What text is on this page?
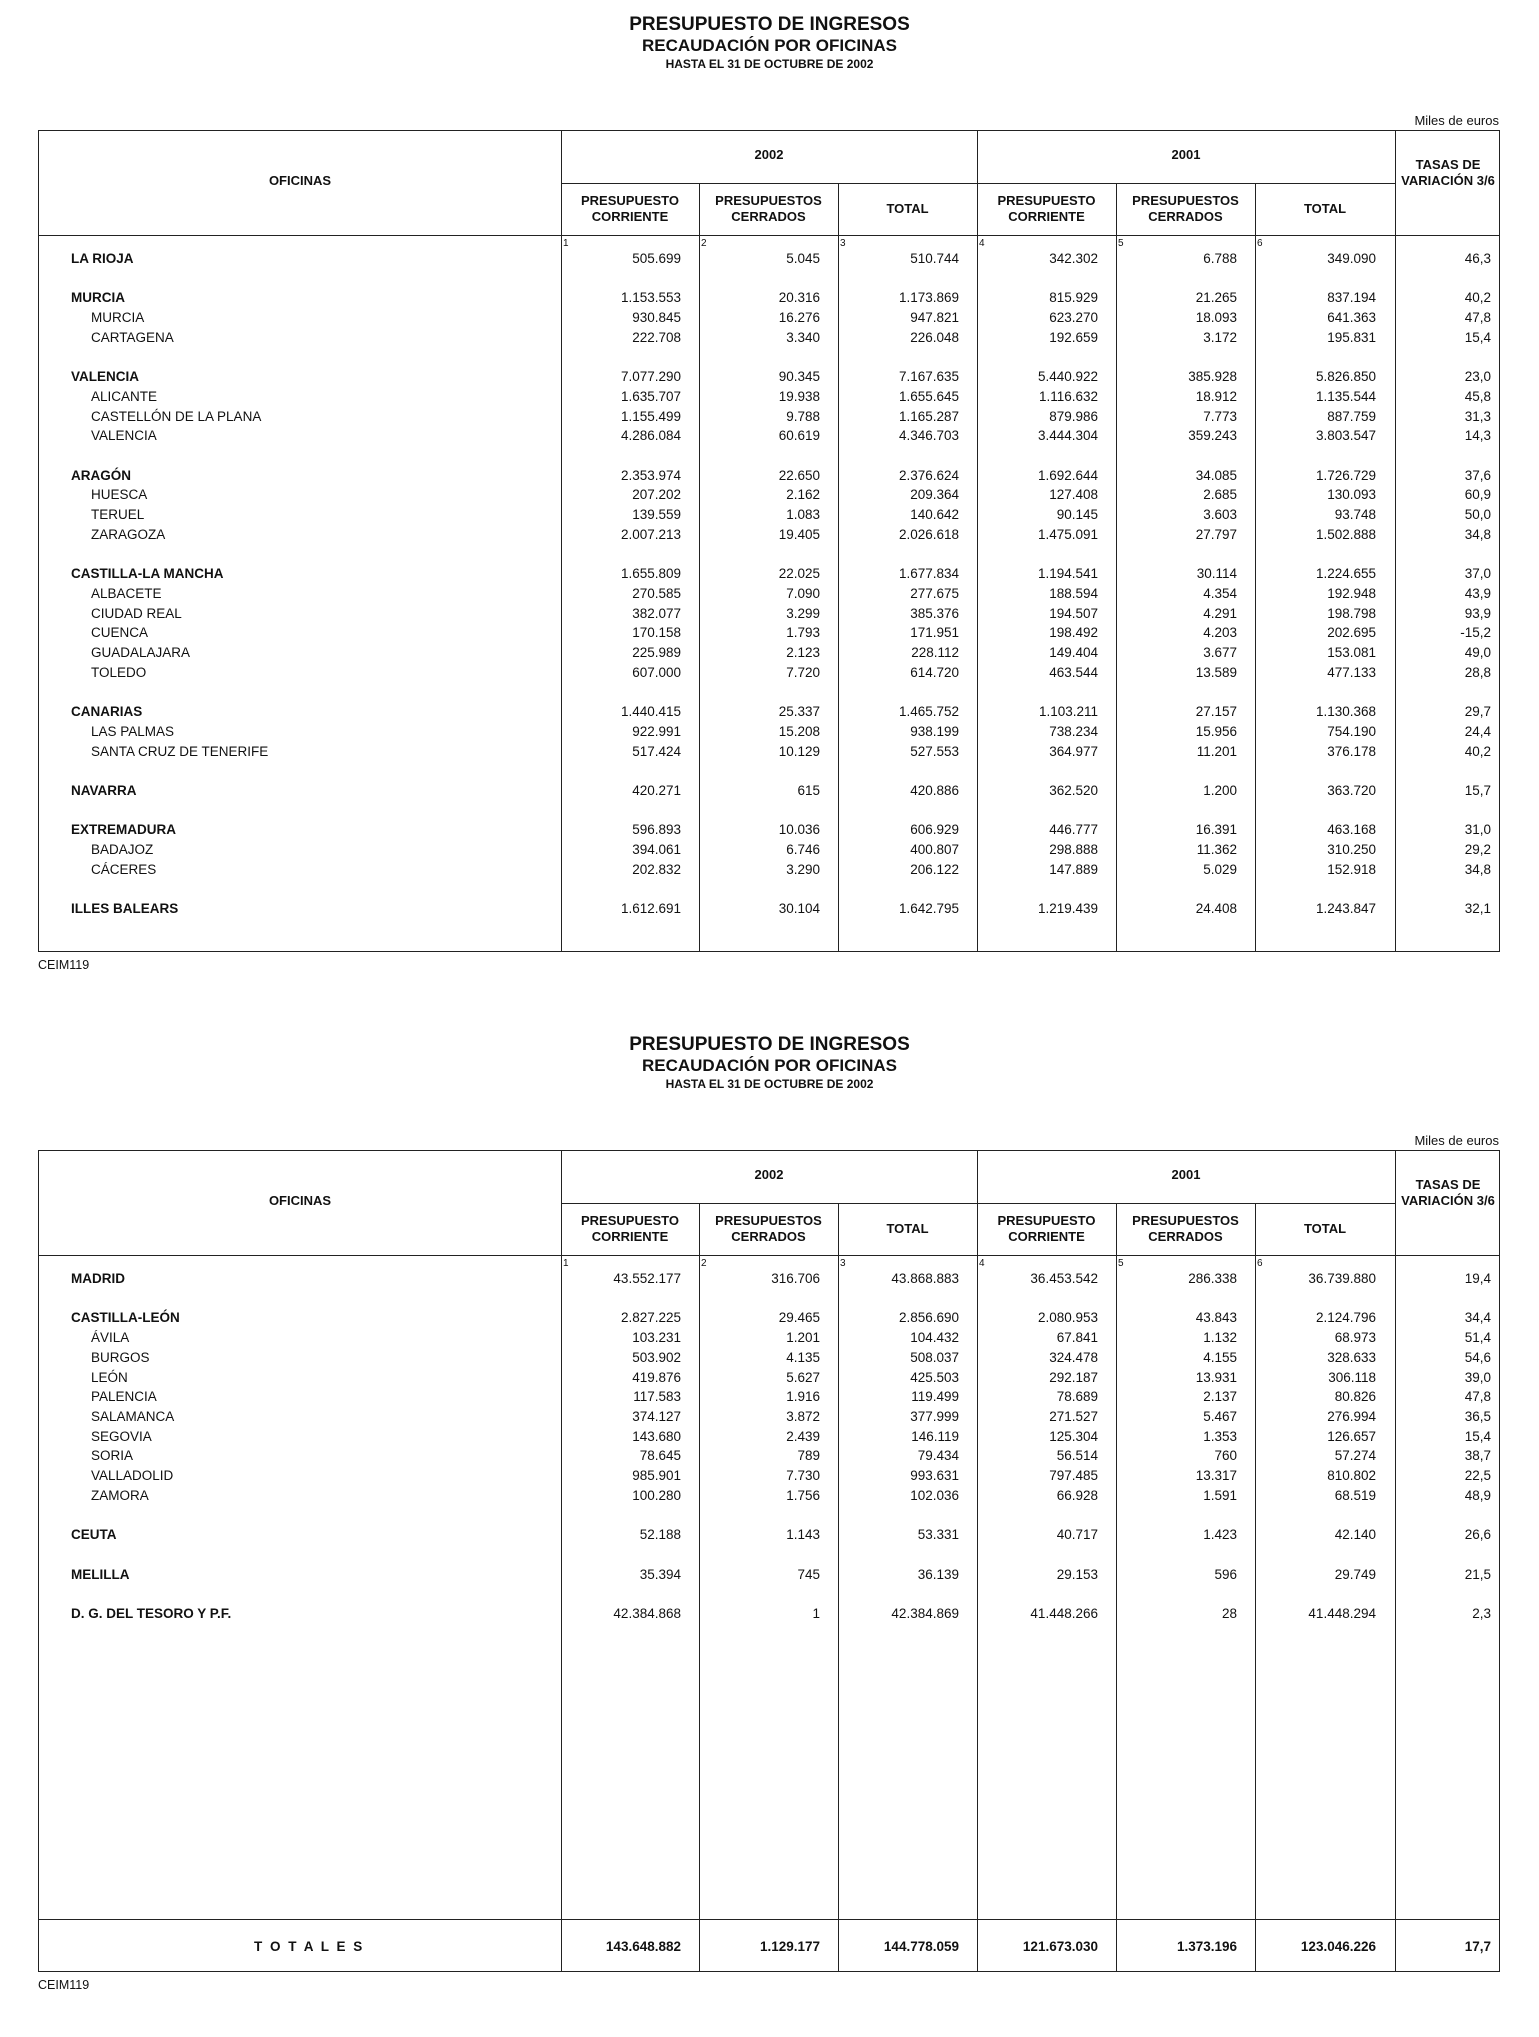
PRESUPUESTO DE INGRESOS
RECAUDACIÓN POR OFICINAS
HASTA EL 31 DE OCTUBRE DE 2002
Miles de euros
OFICINAS
2002	2001
PRESUPUESTO CORRIENTE
PRESUPUESTOS CERRADOS
TOTAL
PRESUPUESTO CORRIENTE
PRESUPUESTOS CERRADOS
TOTAL
TASAS DE VARIACIÓN 3/6
1	2	3	4	5	6
LA RIOJA	505.699	5.045	510.744	342.302	6.788	349.090	46,3
MURCIA	1.153.553	20.316	1.173.869	815.929	21.265	837.194	40,2
MURCIA	930.845	16.276	947.821	623.270	18.093	641.363	47,8
CARTAGENA	222.708	3.340	226.048	192.659	3.172	195.831	15,4
VALENCIA	7.077.290	90.345	7.167.635	5.440.922	385.928	5.826.850	23,0
ALICANTE	1.635.707	19.938	1.655.645	1.116.632	18.912	1.135.544	45,8
CASTELLÓN DE LA PLANA	1.155.499	9.788	1.165.287	879.986	7.773	887.759	31,3
VALENCIA	4.286.084	60.619	4.346.703	3.444.304	359.243	3.803.547	14,3
ARAGÓN	2.353.974	22.650	2.376.624	1.692.644	34.085	1.726.729	37,6
HUESCA	207.202	2.162	209.364	127.408	2.685	130.093	60,9
TERUEL	139.559	1.083	140.642	90.145	3.603	93.748	50,0
ZARAGOZA	2.007.213	19.405	2.026.618	1.475.091	27.797	1.502.888	34,8
CASTILLA-LA MANCHA	1.655.809	22.025	1.677.834	1.194.541	30.114	1.224.655	37,0
ALBACETE	270.585	7.090	277.675	188.594	4.354	192.948	43,9
CIUDAD REAL	382.077	3.299	385.376	194.507	4.291	198.798	93,9
CUENCA	170.158	1.793	171.951	198.492	4.203	202.695	-15,2
GUADALAJARA	225.989	2.123	228.112	149.404	3.677	153.081	49,0
TOLEDO	607.000	7.720	614.720	463.544	13.589	477.133	28,8
CANARIAS	1.440.415	25.337	1.465.752	1.103.211	27.157	1.130.368	29,7
LAS PALMAS	922.991	15.208	938.199	738.234	15.956	754.190	24,4
SANTA CRUZ DE TENERIFE	517.424	10.129	527.553	364.977	11.201	376.178	40,2
NAVARRA	420.271	615	420.886	362.520	1.200	363.720	15,7
EXTREMADURA	596.893	10.036	606.929	446.777	16.391	463.168	31,0
BADAJOZ	394.061	6.746	400.807	298.888	11.362	310.250	29,2
CÁCERES	202.832	3.290	206.122	147.889	5.029	152.918	34,8
ILLES BALEARS	1.612.691	30.104	1.642.795	1.219.439	24.408	1.243.847	32,1
CEIM119
PRESUPUESTO DE INGRESOS
RECAUDACIÓN POR OFICINAS
HASTA EL 31 DE OCTUBRE DE 2002
Miles de euros
OFICINAS
2002	2001
PRESUPUESTO CORRIENTE
PRESUPUESTOS CERRADOS
TOTAL
PRESUPUESTO CORRIENTE
PRESUPUESTOS CERRADOS
TOTAL
TASAS DE VARIACIÓN 3/6
1	2	3	4	5	6
MADRID	43.552.177	316.706	43.868.883	36.453.542	286.338	36.739.880	19,4
CASTILLA-LEÓN	2.827.225	29.465	2.856.690	2.080.953	43.843	2.124.796	34,4
ÁVILA	103.231	1.201	104.432	67.841	1.132	68.973	51,4
BURGOS	503.902	4.135	508.037	324.478	4.155	328.633	54,6
LEÓN	419.876	5.627	425.503	292.187	13.931	306.118	39,0
PALENCIA	117.583	1.916	119.499	78.689	2.137	80.826	47,8
SALAMANCA	374.127	3.872	377.999	271.527	5.467	276.994	36,5
SEGOVIA	143.680	2.439	146.119	125.304	1.353	126.657	15,4
SORIA	78.645	789	79.434	56.514	760	57.274	38,7
VALLADOLID	985.901	7.730	993.631	797.485	13.317	810.802	22,5
ZAMORA	100.280	1.756	102.036	66.928	1.591	68.519	48,9
CEUTA	52.188	1.143	53.331	40.717	1.423	42.140	26,6
MELILLA	35.394	745	36.139	29.153	596	29.749	21,5
D. G. DEL TESORO Y P.F.	42.384.868	1	42.384.869	41.448.266	28	41.448.294	2,3
T O T A L E S	143.648.882	1.129.177	144.778.059	121.673.030	1.373.196	123.046.226	17,7
CEIM119
